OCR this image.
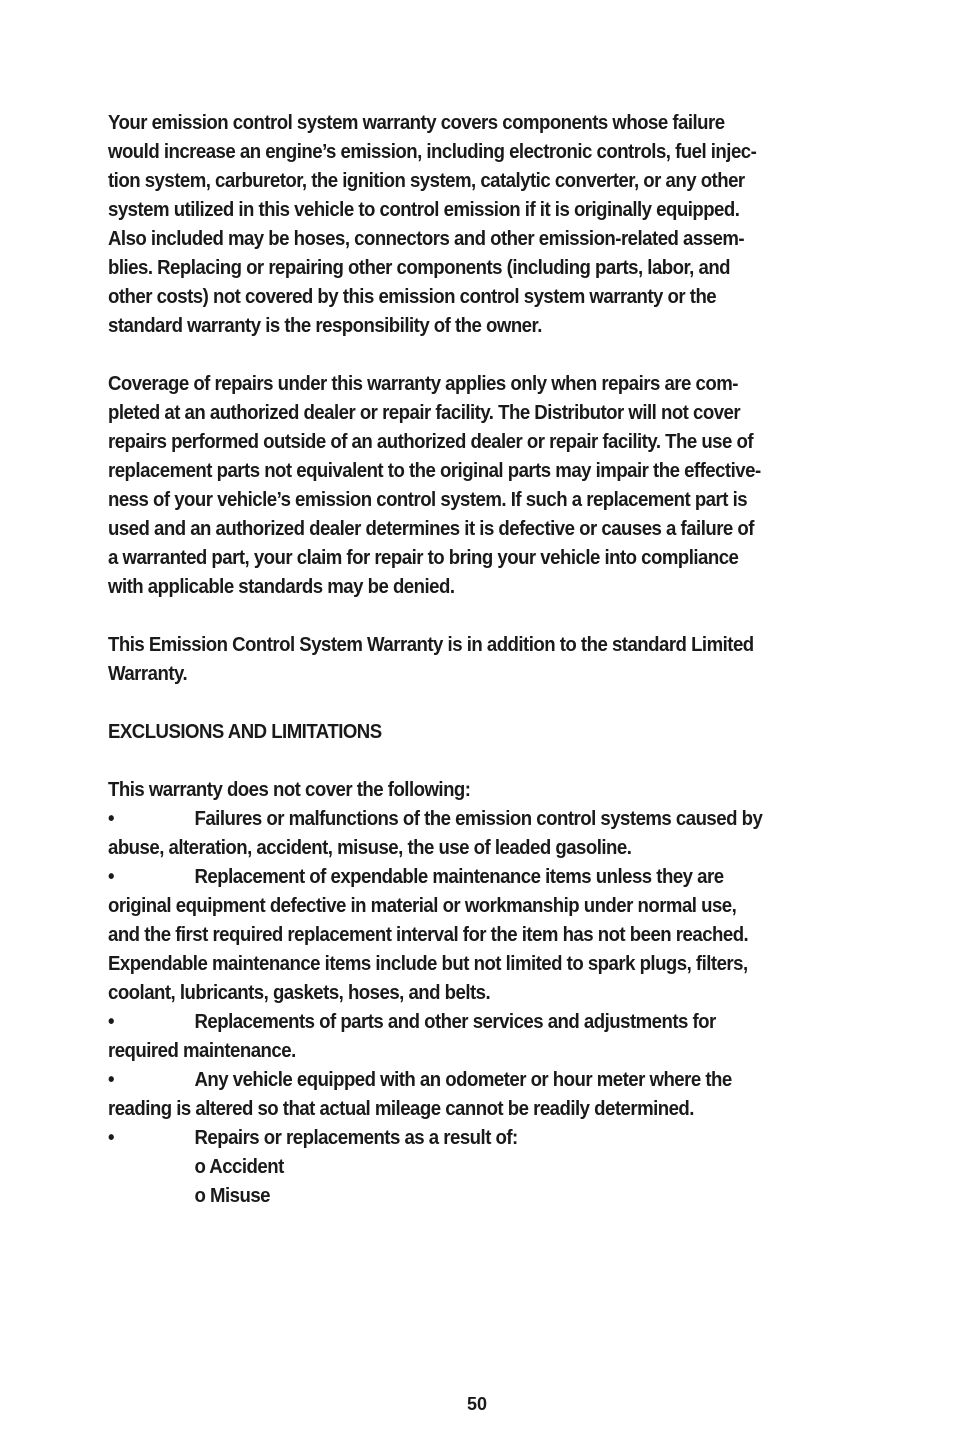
Your emission control system warranty covers components whose failure
would increase an engine’s emission, including electronic controls, fuel injec-
tion system, carburetor, the ignition system, catalytic converter, or any other
system utilized in this vehicle to control emission if it is originally equipped.
Also included may be hoses, connectors and other emission-related assem-
blies. Replacing or repairing other components (including parts, labor, and
other costs) not covered by this emission control system warranty or the
standard warranty is the responsibility of the owner.

Coverage of repairs under this warranty applies only when repairs are com-
pleted at an authorized dealer or repair facility. The Distributor will not cover
repairs performed outside of an authorized dealer or repair facility. The use of
replacement parts not equivalent to the original parts may impair the effective-
ness of your vehicle’s emission control system. If such a replacement part is
used and an authorized dealer determines it is defective or causes a failure of
a warranted part, your claim for repair to bring your vehicle into compliance
with applicable standards may be denied.

This Emission Control System Warranty is in addition to the standard Limited
Warranty.

EXCLUSIONS AND LIMITATIONS

This warranty does not cover the following:

•	Failures or malfunctions of the emission control systems caused by
abuse, alteration, accident, misuse, the use of leaded gasoline.
•	Replacement of expendable maintenance items unless they are
original equipment defective in material or workmanship under normal use,
and the first required replacement interval for the item has not been reached.
Expendable maintenance items include but not limited to spark plugs, filters,
coolant, lubricants, gaskets, hoses, and belts.
•	Replacements of parts and other services and adjustments for
required maintenance.
•	Any vehicle equipped with an odometer or hour meter where the
reading is altered so that actual mileage cannot be readily determined.
•	Repairs or replacements as a result of:
o Accident
o Misuse
50
